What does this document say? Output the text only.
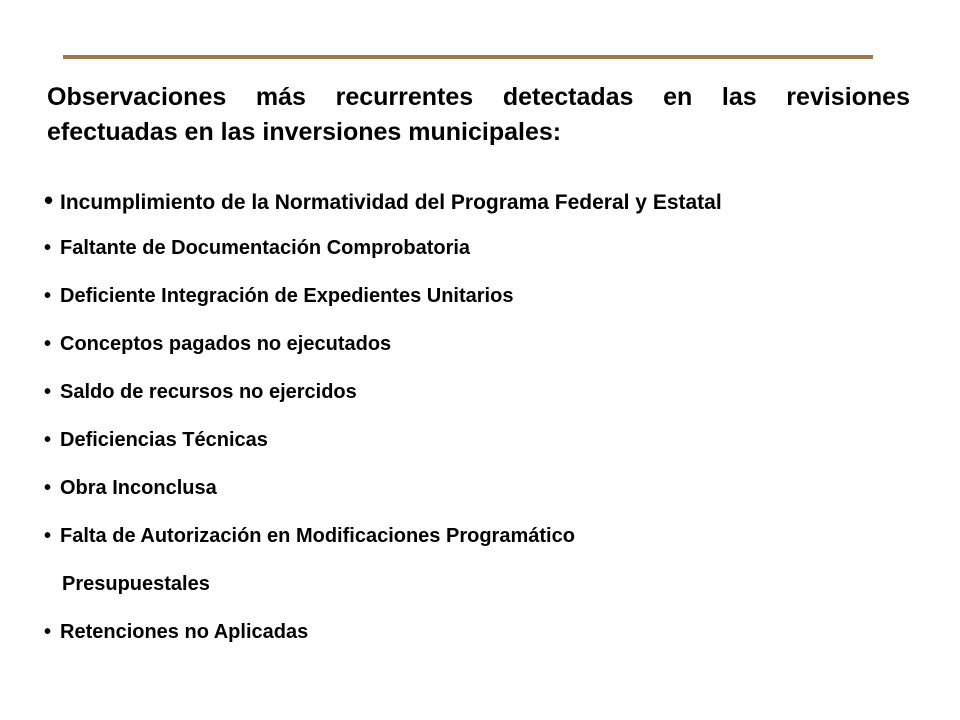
Observaciones más recurrentes detectadas en las revisiones efectuadas en las inversiones municipales:

• Incumplimiento de la Normatividad del Programa Federal y Estatal
• Faltante de Documentación Comprobatoria
• Deficiente Integración de Expedientes Unitarios
• Conceptos pagados no ejecutados
• Saldo de recursos no ejercidos
• Deficiencias Técnicas
• Obra Inconclusa
• Falta de Autorización en Modificaciones Programático
Presupuestales
• Retenciones no Aplicadas
